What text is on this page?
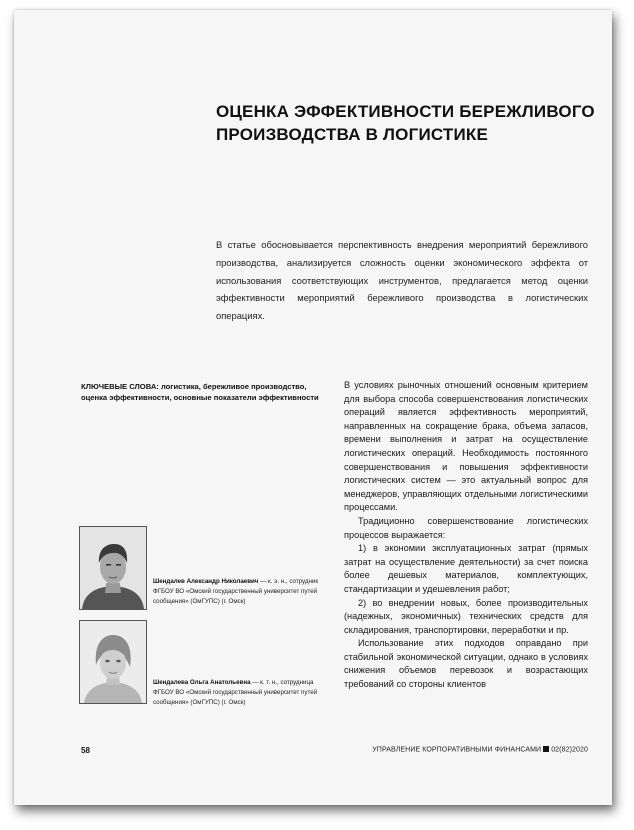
ОЦЕНКА ЭФФЕКТИВНОСТИ БЕРЕЖЛИВОГО
ПРОИЗВОДСТВА В ЛОГИСТИКЕ
В статье обосновывается перспективность внедрения мероприятий бережливого производства, анализируется сложность оценки экономического эффекта от использования соответствующих инструментов, предлагается метод оценки эффективности мероприятий бережливого производства в логистических операциях.
КЛЮЧЕВЫЕ СЛОВА: логистика, бережливое производство, оценка эффективности, основные показатели эффективности

В условиях рыночных отношений основным критерием для выбора способа совершенствования логистических операций является эффективность мероприятий, направленных на сокращение брака, объема запасов, времени выполнения и затрат на осуществление логистических операций. Необходимость постоянного совершенствования и повышения эффективности логистических систем — это актуальный вопрос для менеджеров, управляющих отдельными логистическими процессами.

Традиционно совершенствование логистических процессов выражается:

1) в экономии эксплуатационных затрат (прямых затрат на осуществление деятельности) за счет поиска более дешевых материалов, комплектующих, стандартизации и удешевления работ;

2) во внедрении новых, более производительных (надежных, экономичных) технических средств для складирования, транспортировки, переработки и пр.

Использование этих подходов оправдано при стабильной экономической ситуации, однако в условиях снижения объемов перевозок и возрастающих требований со стороны клиентов

Шендалев Александр Николаевич — к. э. н., сотрудник ФГБОУ ВО «Омский государственный университет путей сообщения» (ОмГУПС) (г. Омск)
Шендалева Ольга Анатольевна — к. т. н., сотрудница ФГБОУ ВО «Омский государственный университет путей сообщения» (ОмГУПС) (г. Омск)
58	УПРАВЛЕНИЕ КОРПОРАТИВНЫМИ ФИНАНСАМИ 02(82)2020
